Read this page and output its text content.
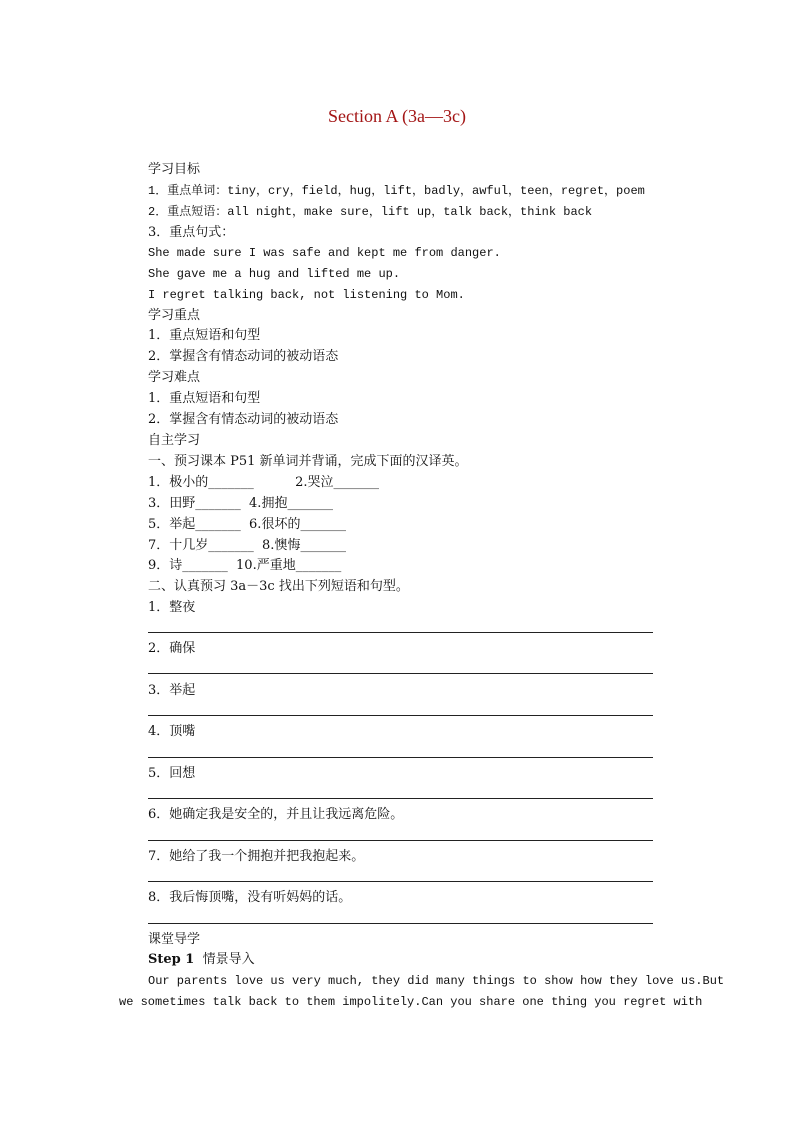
Section A (3a—3c)
学习目标
1．重点单词：tiny，cry，field，hug，lift，badly，awful，teen，regret，poem
2．重点短语：all night，make sure，lift up，talk back，think back
3．重点句式：
She made sure I was safe and kept me from danger.
She gave me a hug and lifted me up.
I regret talking back, not listening to Mom.
学习重点
1．重点短语和句型
2．掌握含有情态动词的被动语态
学习难点
1．重点短语和句型
2．掌握含有情态动词的被动语态
自主学习
一、预习课本 P51 新单词并背诵，完成下面的汉译英。
1．极小的_______          2.哭泣_______
3．田野_______  4.拥抱_______
5．举起_______  6.很坏的_______
7．十几岁_______  8.懊悔_______
9．诗_______  10.严重地_______
二、认真预习 3a－3c 找出下列短语和句型。
1．整夜
2．确保
3．举起
4．顶嘴
5．回想
6．她确定我是安全的，并且让我远离危险。
7．她给了我一个拥抱并把我抱起来。
8．我后悔顶嘴，没有听妈妈的话。
课堂导学
Step 1 情景导入
Our parents love us very much, they did many things to show how they love us.But
we sometimes talk back to them impolitely.Can you share one thing you regret with
